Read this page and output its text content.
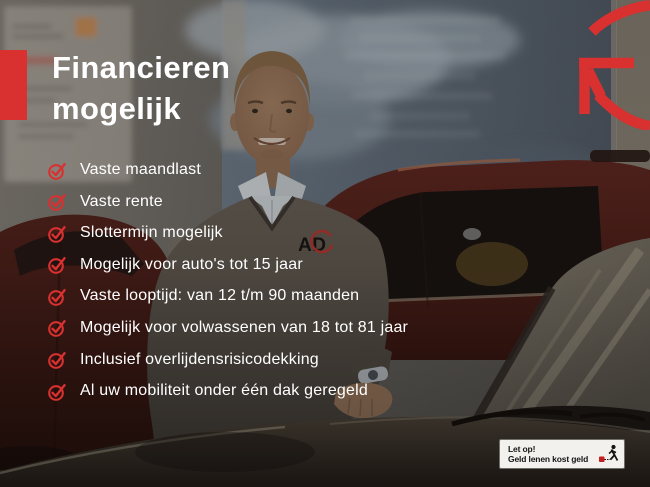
Financieren
mogelijk
Vaste maandlast
Vaste rente
Slottermijn mogelijk
Mogelijk voor auto's tot 15 jaar
Vaste looptijd: van 12 t/m 90 maanden
Mogelijk voor volwassenen van 18 tot 81 jaar
Inclusief overlijdensrisicodekking
Al uw mobiliteit onder één dak geregeld
Let op!
Geld lenen kost geld
